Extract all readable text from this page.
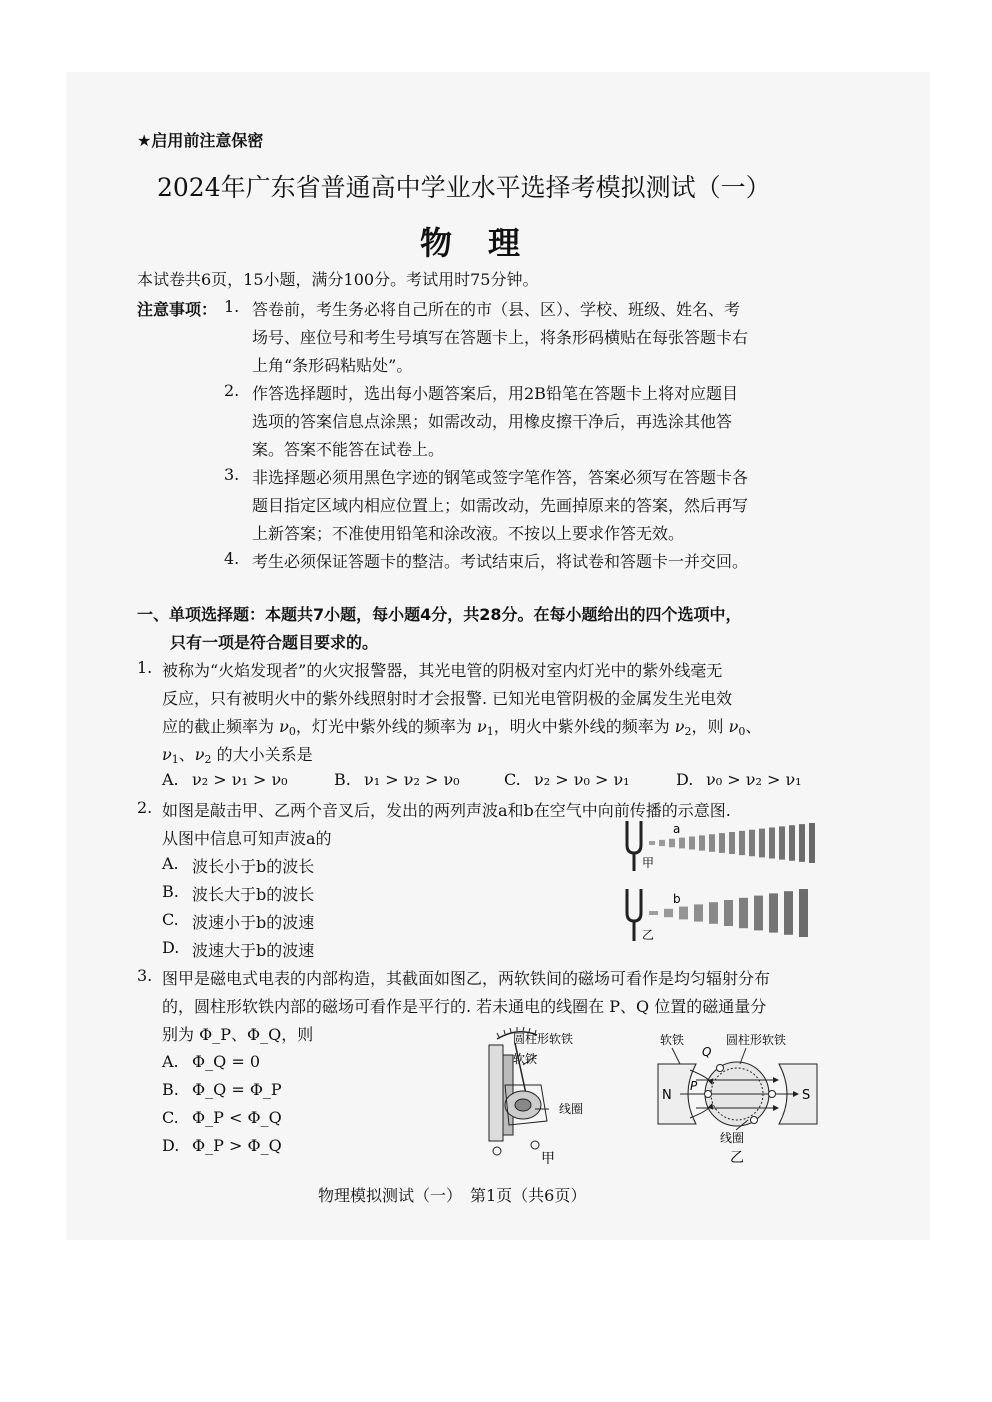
★启用前注意保密
2024年广东省普通高中学业水平选择考模拟测试（一）
物　理
本试卷共6页，15小题，满分100分。考试用时75分钟。
注意事项： 1. 答卷前，考生务必将自己所在的市（县、区）、学校、班级、姓名、考
场号、座位号和考生号填写在答题卡上，将条形码横贴在每张答题卡右
上角“条形码粘贴处”。
2. 作答选择题时，选出每小题答案后，用2B铅笔在答题卡上将对应题目
选项的答案信息点涂黑；如需改动，用橡皮擦干净后，再选涂其他答
案。答案不能答在试卷上。
3. 非选择题必须用黑色字迹的钢笔或签字笔作答，答案必须写在答题卡各
题目指定区域内相应位置上；如需改动，先画掉原来的答案，然后再写
上新答案；不准使用铅笔和涂改液。不按以上要求作答无效。
4. 考生必须保证答题卡的整洁。考试结束后，将试卷和答题卡一并交回。
一、单项选择题：本题共7小题，每小题4分，共28分。在每小题给出的四个选项中，
只有一项是符合题目要求的。
1. 被称为“火焰发现者”的火灾报警器，其光电管的阴极对室内灯光中的紫外线毫无
反应，只有被明火中的紫外线照射时才会报警. 已知光电管阴极的金属发生光电效
应的截止频率为 $\nu_0$，灯光中紫外线的频率为 $\nu_1$，明火中紫外线的频率为 $\nu_2$，则 $\nu_0$、
$\nu_1$、$\nu_2$ 的大小关系是
A. ν₂ > ν₁ > ν₀	B. ν₁ > ν₂ > ν₀	C. ν₂ > ν₀ > ν₁	D. ν₀ > ν₂ > ν₁
2. 如图是敲击甲、乙两个音叉后，发出的两列声波a和b在空气中向前传播的示意图.
从图中信息可知声波a的
A. 波长小于b的波长
B. 波长大于b的波长
C. 波速小于b的波速
D. 波速大于b的波速
甲
a
乙
b
3. 图甲是磁电式电表的内部构造，其截面如图乙，两软铁间的磁场可看作是均匀辐射分布
的，圆柱形软铁内部的磁场可看作是平行的. 若未通电的线圈在 P、Q 位置的磁通量分
别为 Φ_P、Φ_Q，则
A. Φ_Q = 0
B. Φ_Q = Φ_P
C. Φ_P < Φ_Q
D. Φ_P > Φ_Q
圆柱形软铁
软铁
线圈
甲
软铁	圆柱形软铁
Q
P
N	S
线圈
乙
物理模拟测试（一）　第1页（共6页）
